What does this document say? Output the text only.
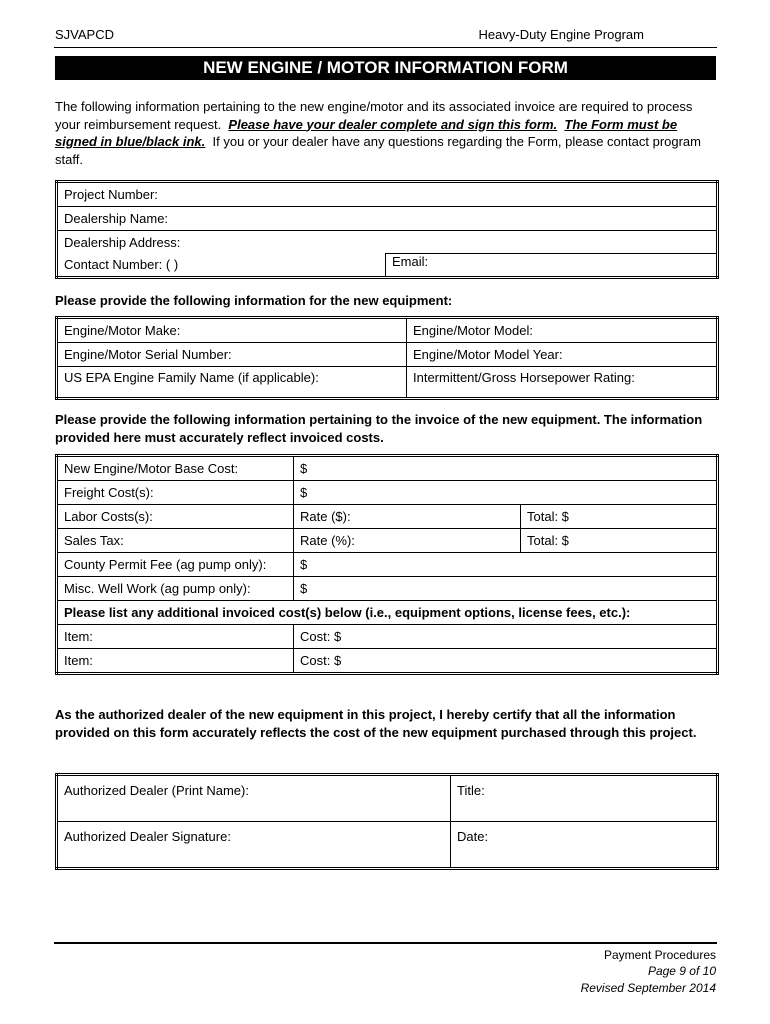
SJVAPCD	Heavy-Duty Engine Program
NEW ENGINE / MOTOR INFORMATION FORM
The following information pertaining to the new engine/motor and its associated invoice are required to process your reimbursement request. Please have your dealer complete and sign this form. The Form must be signed in blue/black ink. If you or your dealer have any questions regarding the Form, please contact program staff.
Project Number:
Dealership Name:
Dealership Address:
Contact Number: ( )	Email:
Please provide the following information for the new equipment:
Engine/Motor Make:	Engine/Motor Model:
Engine/Motor Serial Number:	Engine/Motor Model Year:
US EPA Engine Family Name (if applicable):	Intermittent/Gross Horsepower Rating:
Please provide the following information pertaining to the invoice of the new equipment. The information provided here must accurately reflect invoiced costs.
New Engine/Motor Base Cost:	$	
Freight Cost(s):	$	
Labor Costs(s):	Rate ($):	Total: $
Sales Tax:	Rate (%):	Total: $
County Permit Fee (ag pump only):	$	
Misc. Well Work (ag pump only):	$	
Please list any additional invoiced cost(s) below (i.e., equipment options, license fees, etc.):		
Item:	Cost: $	
Item:	Cost: $	
As the authorized dealer of the new equipment in this project, I hereby certify that all the information provided on this form accurately reflects the cost of the new equipment purchased through this project.
Authorized Dealer (Print Name):	Title:
Authorized Dealer Signature:	Date:
Payment Procedures
Page 9 of 10
Revised September 2014
